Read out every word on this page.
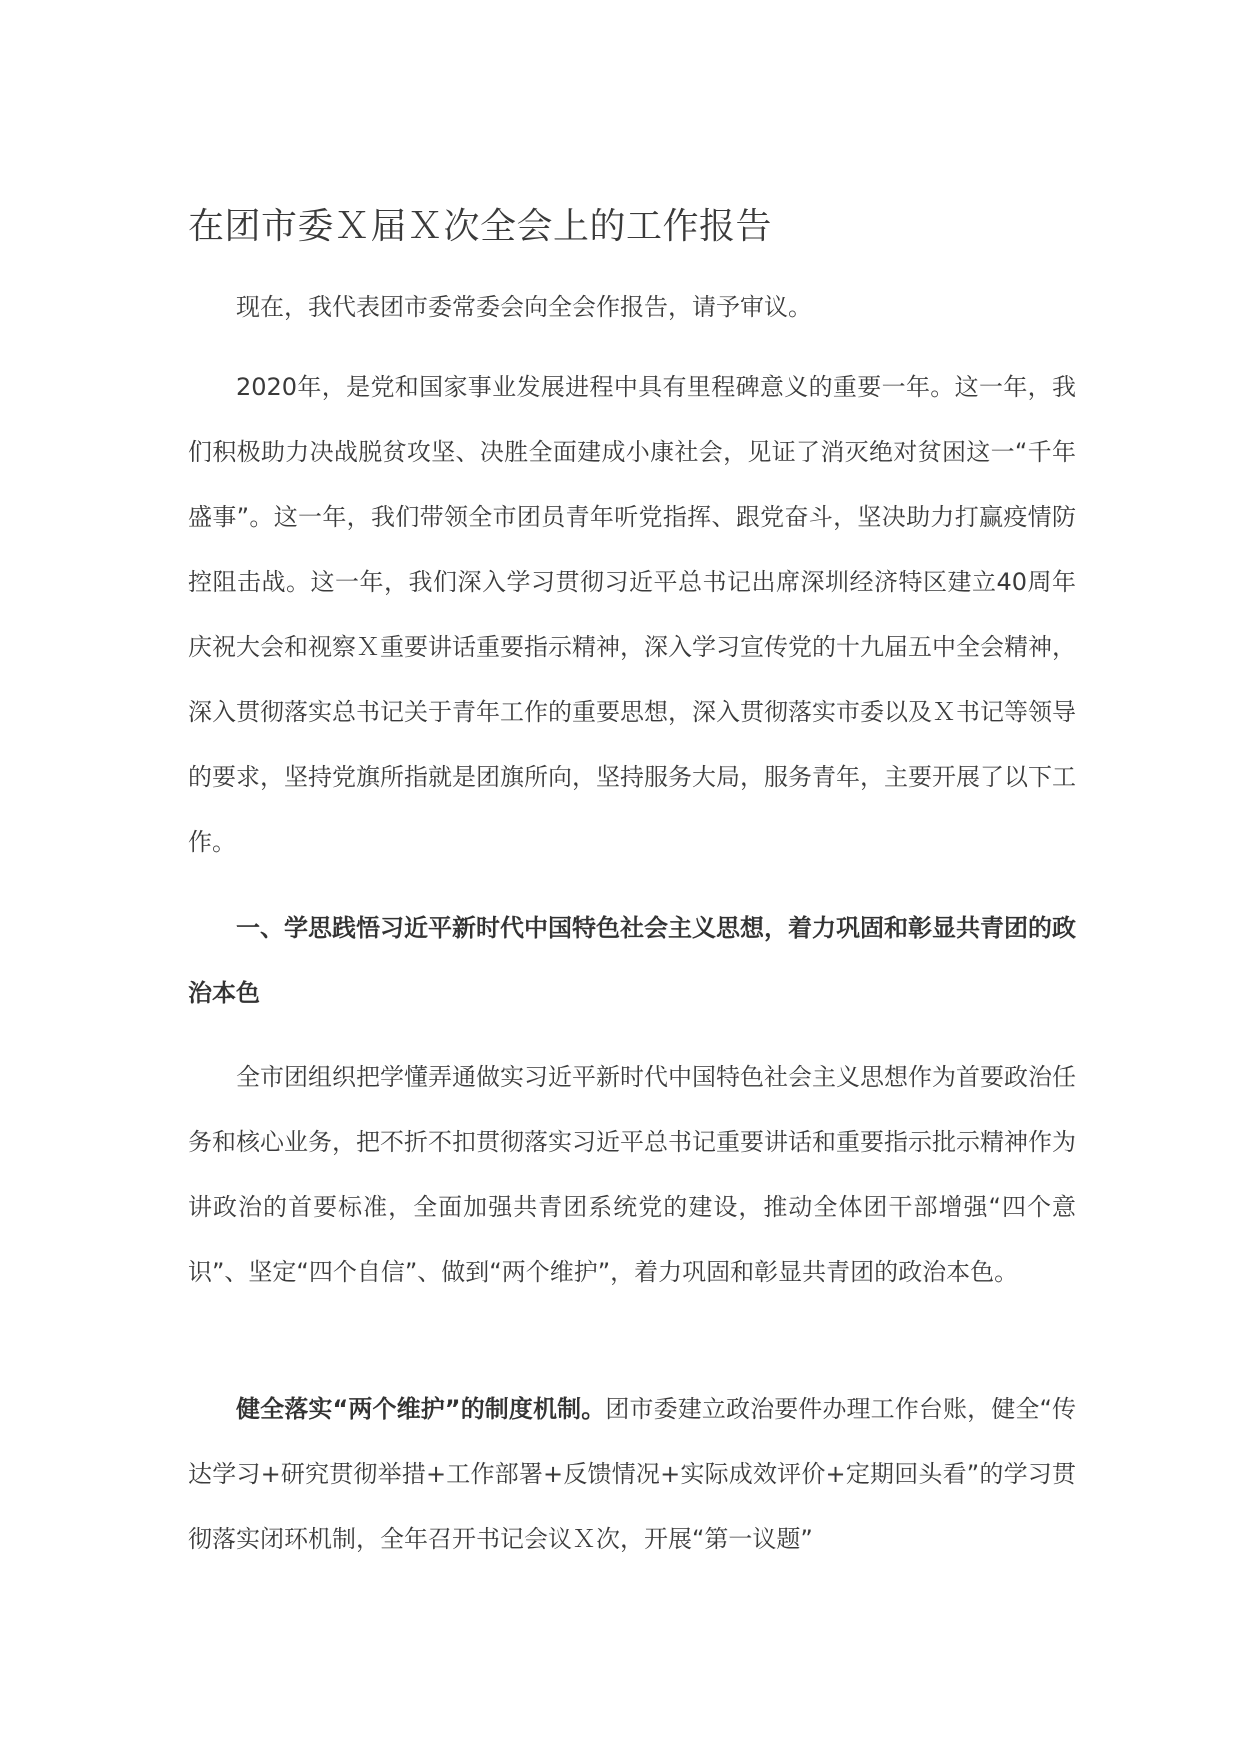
在团市委Ｘ届Ｘ次全会上的工作报告

现在，我代表团市委常委会向全会作报告，请予审议。

2020年，是党和国家事业发展进程中具有里程碑意义的重要一年。这一年，我们积极助力决战脱贫攻坚、决胜全面建成小康社会，见证了消灭绝对贫困这一“千年盛事”。这一年，我们带领全市团员青年听党指挥、跟党奋斗，坚决助力打赢疫情防控阻击战。这一年，我们深入学习贯彻习近平总书记出席深圳经济特区建立40周年庆祝大会和视察Ｘ重要讲话重要指示精神，深入学习宣传党的十九届五中全会精神，深入贯彻落实总书记关于青年工作的重要思想，深入贯彻落实市委以及Ｘ书记等领导的要求，坚持党旗所指就是团旗所向，坚持服务大局，服务青年，主要开展了以下工作。

一、学思践悟习近平新时代中国特色社会主义思想，着力巩固和彰显共青团的政治本色

全市团组织把学懂弄通做实习近平新时代中国特色社会主义思想作为首要政治任务和核心业务，把不折不扣贯彻落实习近平总书记重要讲话和重要指示批示精神作为讲政治的首要标准，全面加强共青团系统党的建设，推动全体团干部增强“四个意识”、坚定“四个自信”、做到“两个维护”，着力巩固和彰显共青团的政治本色。

健全落实“两个维护”的制度机制。团市委建立政治要件办理工作台账，健全“传达学习+研究贯彻举措+工作部署+反馈情况+实际成效评价+定期回头看”的学习贯彻落实闭环机制，全年召开书记会议Ｘ次，开展“第一议题”
